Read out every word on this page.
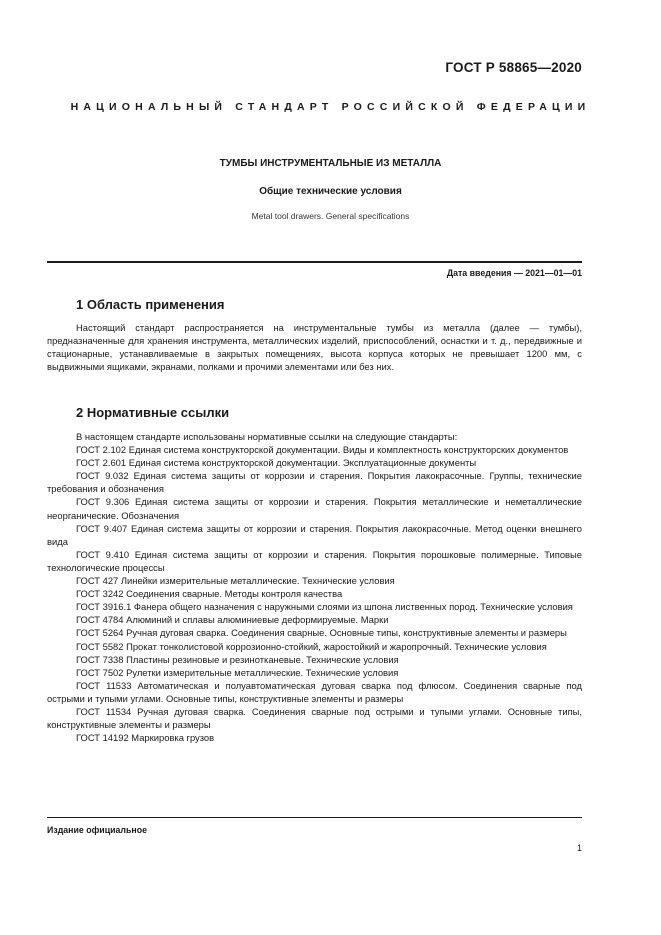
ГОСТ Р 58865—2020
НАЦИОНАЛЬНЫЙ СТАНДАРТ РОССИЙСКОЙ ФЕДЕРАЦИИ
ТУМБЫ ИНСТРУМЕНТАЛЬНЫЕ ИЗ МЕТАЛЛА
Общие технические условия
Metal tool drawers. General specifications
Дата введения — 2021—01—01
1 Область применения

Настоящий стандарт распространяется на инструментальные тумбы из металла (далее — тумбы), предназначенные для хранения инструмента, металлических изделий, приспособлений, оснастки и т. д., передвижные и стационарные, устанавливаемые в закрытых помещениях, высота корпуса которых не превышает 1200 мм, с выдвижными ящиками, экранами, полками и прочими элементами или без них.

2 Нормативные ссылки

В настоящем стандарте использованы нормативные ссылки на следующие стандарты:

ГОСТ 2.102 Единая система конструкторской документации. Виды и комплектность конструкторских документов

ГОСТ 2.601 Единая система конструкторской документации. Эксплуатационные документы

ГОСТ 9.032 Единая система защиты от коррозии и старения. Покрытия лакокрасочные. Группы, технические требования и обозначения

ГОСТ 9.306 Единая система защиты от коррозии и старения. Покрытия металлические и неметаллические неорганические. Обозначения

ГОСТ 9.407 Единая система защиты от коррозии и старения. Покрытия лакокрасочные. Метод оценки внешнего вида

ГОСТ 9.410 Единая система защиты от коррозии и старения. Покрытия порошковые полимерные. Типовые технологические процессы

ГОСТ 427 Линейки измерительные металлические. Технические условия

ГОСТ 3242 Соединения сварные. Методы контроля качества

ГОСТ 3916.1 Фанера общего назначения с наружными слоями из шпона лиственных пород. Технические условия

ГОСТ 4784 Алюминий и сплавы алюминиевые деформируемые. Марки

ГОСТ 5264 Ручная дуговая сварка. Соединения сварные. Основные типы, конструктивные элементы и размеры

ГОСТ 5582 Прокат тонколистовой коррозионно-стойкий, жаростойкий и жаропрочный. Технические условия

ГОСТ 7338 Пластины резиновые и резинотканевые. Технические условия

ГОСТ 7502 Рулетки измерительные металлические. Технические условия

ГОСТ 11533 Автоматическая и полуавтоматическая дуговая сварка под флюсом. Соединения сварные под острыми и тупыми углами. Основные типы, конструктивные элементы и размеры

ГОСТ 11534 Ручная дуговая сварка. Соединения сварные под острыми и тупыми углами. Основные типы, конструктивные элементы и размеры

ГОСТ 14192 Маркировка грузов

Издание официальное
1
